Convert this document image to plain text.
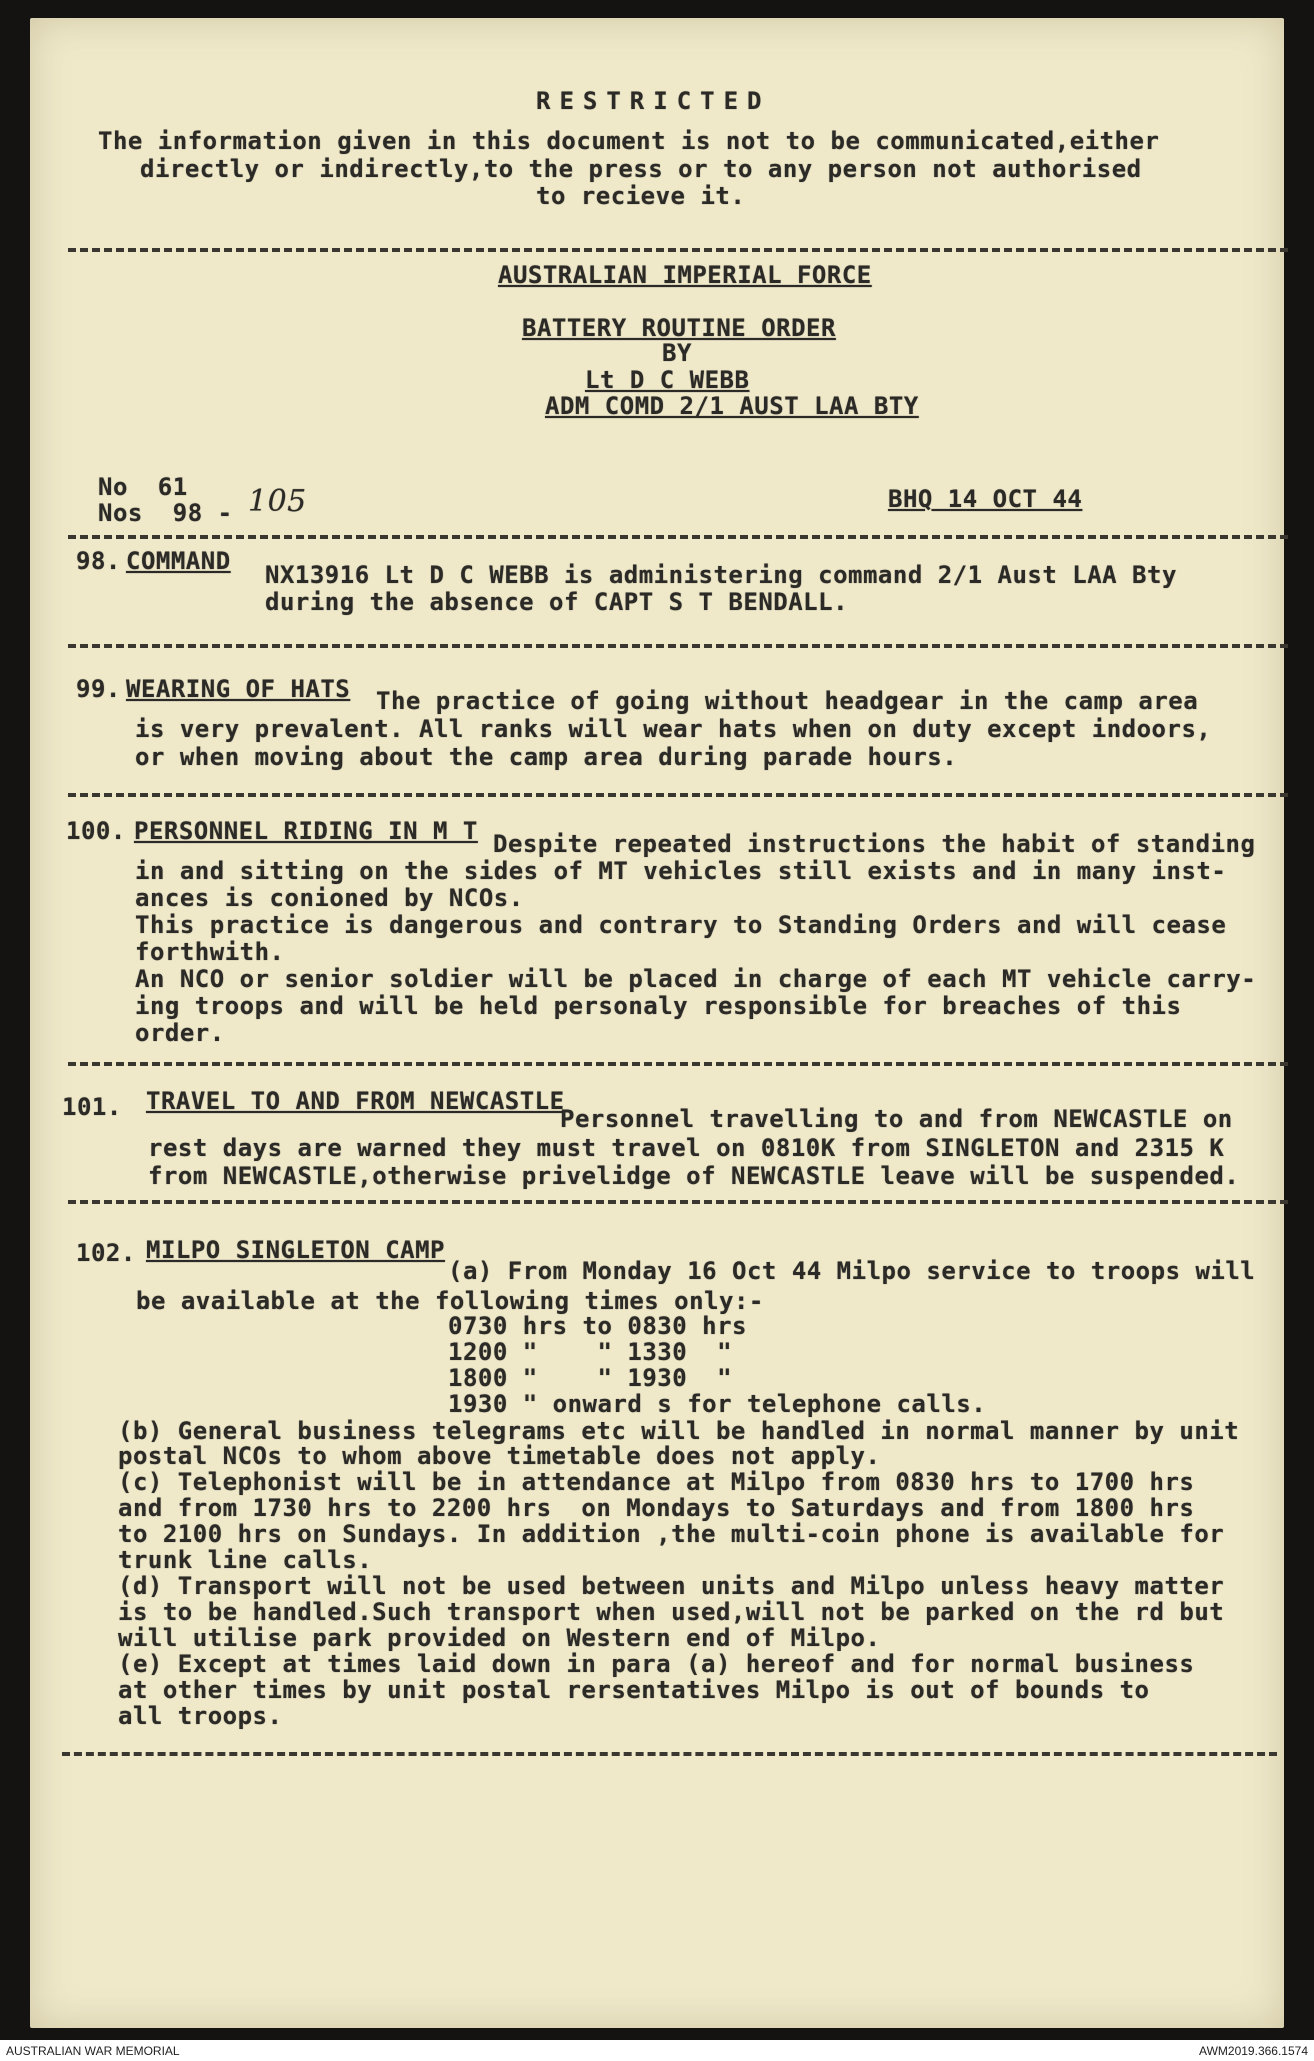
RESTRICTED
The information given in this document is not to be communicated,either
directly or indirectly,to the press or to any person not authorised
to recieve it.
AUSTRALIAN IMPERIAL FORCE
BATTERY ROUTINE ORDER
BY
Lt D C WEBB
ADM COMD 2/1 AUST LAA BTY
No  61
Nos  98 - 105	BHQ 14 OCT 44
98. COMMAND NX13916 Lt D C WEBB is administering command 2/1 Aust LAA Bty
during the absence of CAPT S T BENDALL.
99. WEARING OF HATS The practice of going without headgear in the camp area
is very prevalent. All ranks will wear hats when on duty except indoors,
or when moving about the camp area during parade hours.
100. PERSONNEL RIDING IN M T Despite repeated instructions the habit of standing
in and sitting on the sides of MT vehicles still exists and in many inst-
ances is conioned by NCOs.
This practice is dangerous and contrary to Standing Orders and will cease
forthwith.
An NCO or senior soldier will be placed in charge of each MT vehicle carry-
ing troops and will be held personaly responsible for breaches of this
order.
101. TRAVEL TO AND FROM NEWCASTLE
Personnel travelling to and from NEWCASTLE on
rest days are warned they must travel on 0810K from SINGLETON and 2315 K
from NEWCASTLE,otherwise privelidge of NEWCASTLE leave will be suspended.
102. MILPO SINGLETON CAMP
(a) From Monday 16 Oct 44 Milpo service to troops will
be available at the following times only:-
0730 hrs to 0830 hrs
1200 "    " 1330  "
1800 "    " 1930  "
1930 " onward s for telephone calls.
(b) General business telegrams etc will be handled in normal manner by unit
postal NCOs to whom above timetable does not apply.
(c) Telephonist will be in attendance at Milpo from 0830 hrs to 1700 hrs
and from 1730 hrs to 2200 hrs  on Mondays to Saturdays and from 1800 hrs
to 2100 hrs on Sundays. In addition ,the multi-coin phone is available for
trunk line calls.
(d) Transport will not be used between units and Milpo unless heavy matter
is to be handled.Such transport when used,will not be parked on the rd but
will utilise park provided on Western end of Milpo.
(e) Except at times laid down in para (a) hereof and for normal business
at other times by unit postal rersentatives Milpo is out of bounds to
all troops.
AUSTRALIAN WAR MEMORIAL	AWM2019.366.1574
